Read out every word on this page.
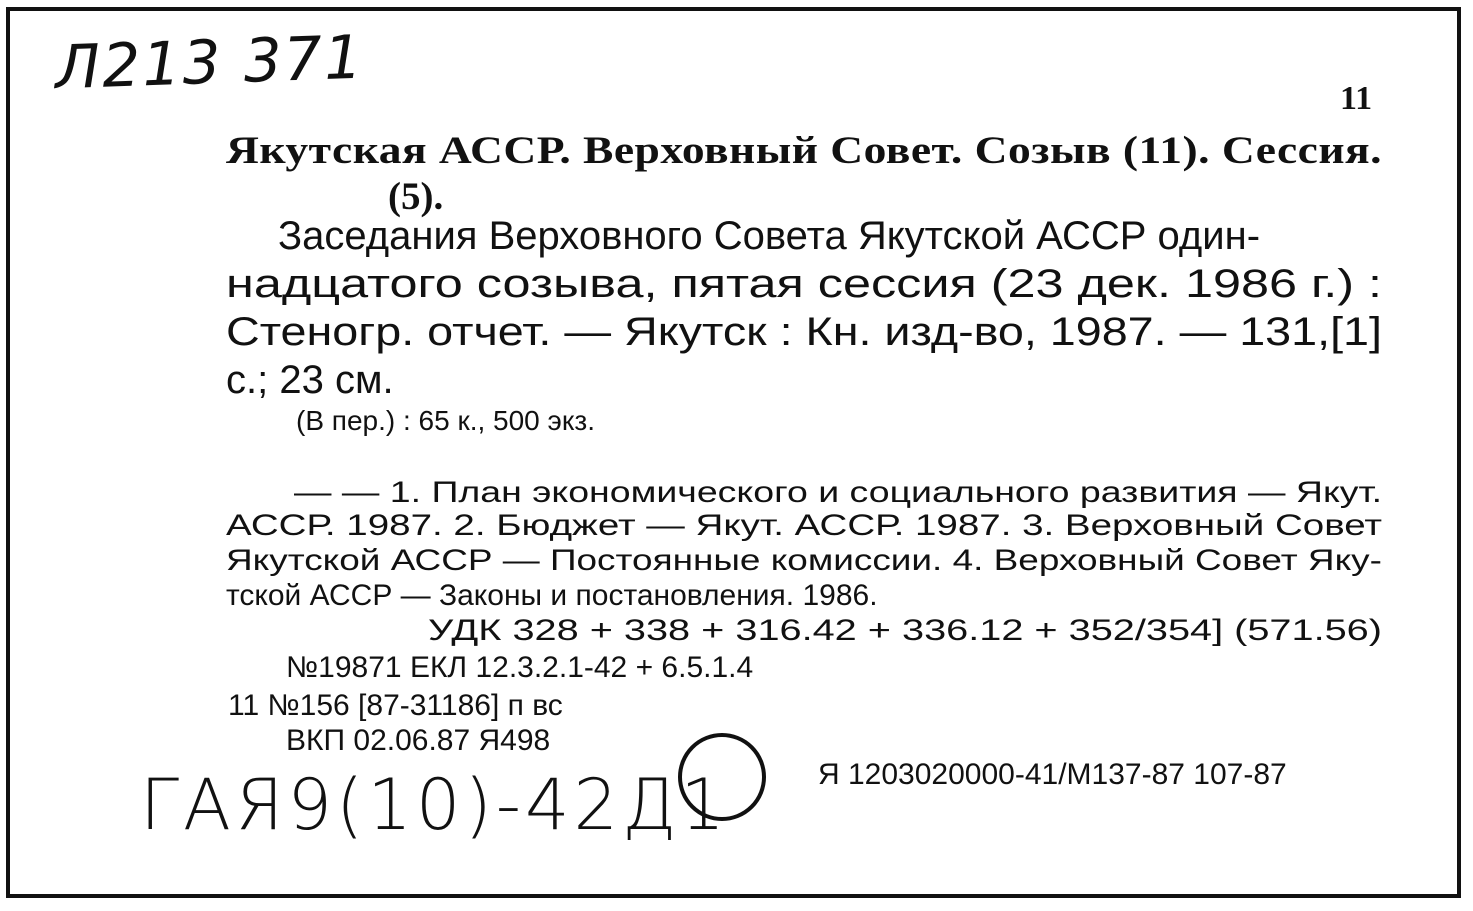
Л213 371	11
Якутская АССР. Верховный Совет. Созыв (11). Сессия.
(5).
Заседания Верховного Совета Якутской АССР один-
надцатого созыва, пятая сессия (23 дек. 1986 г.) :
Стеногр. отчет. — Якутск : Кн. изд-во, 1987. — 131,[1]
с.; 23 см.
(В пер.) : 65 к., 500 экз.
— — 1. План экономического и социального развития — Якут.
АССР. 1987. 2. Бюджет — Якут. АССР. 1987. 3. Верховный Совет
Якутской АССР — Постоянные комиссии. 4. Верховный Совет Яку-
тской АССР — Законы и постановления. 1986.
УДК 328 + 338 + 316.42 + 336.12 + 352/354] (571.56)
№19871 ЕКЛ 12.3.2.1-42 + 6.5.1.4
11 №156 [87-31186] п вс
ВКП 02.06.87 Я498
Я 1203020000-41/М137-87 107-87
ГАЯ9(10)-42Д1
